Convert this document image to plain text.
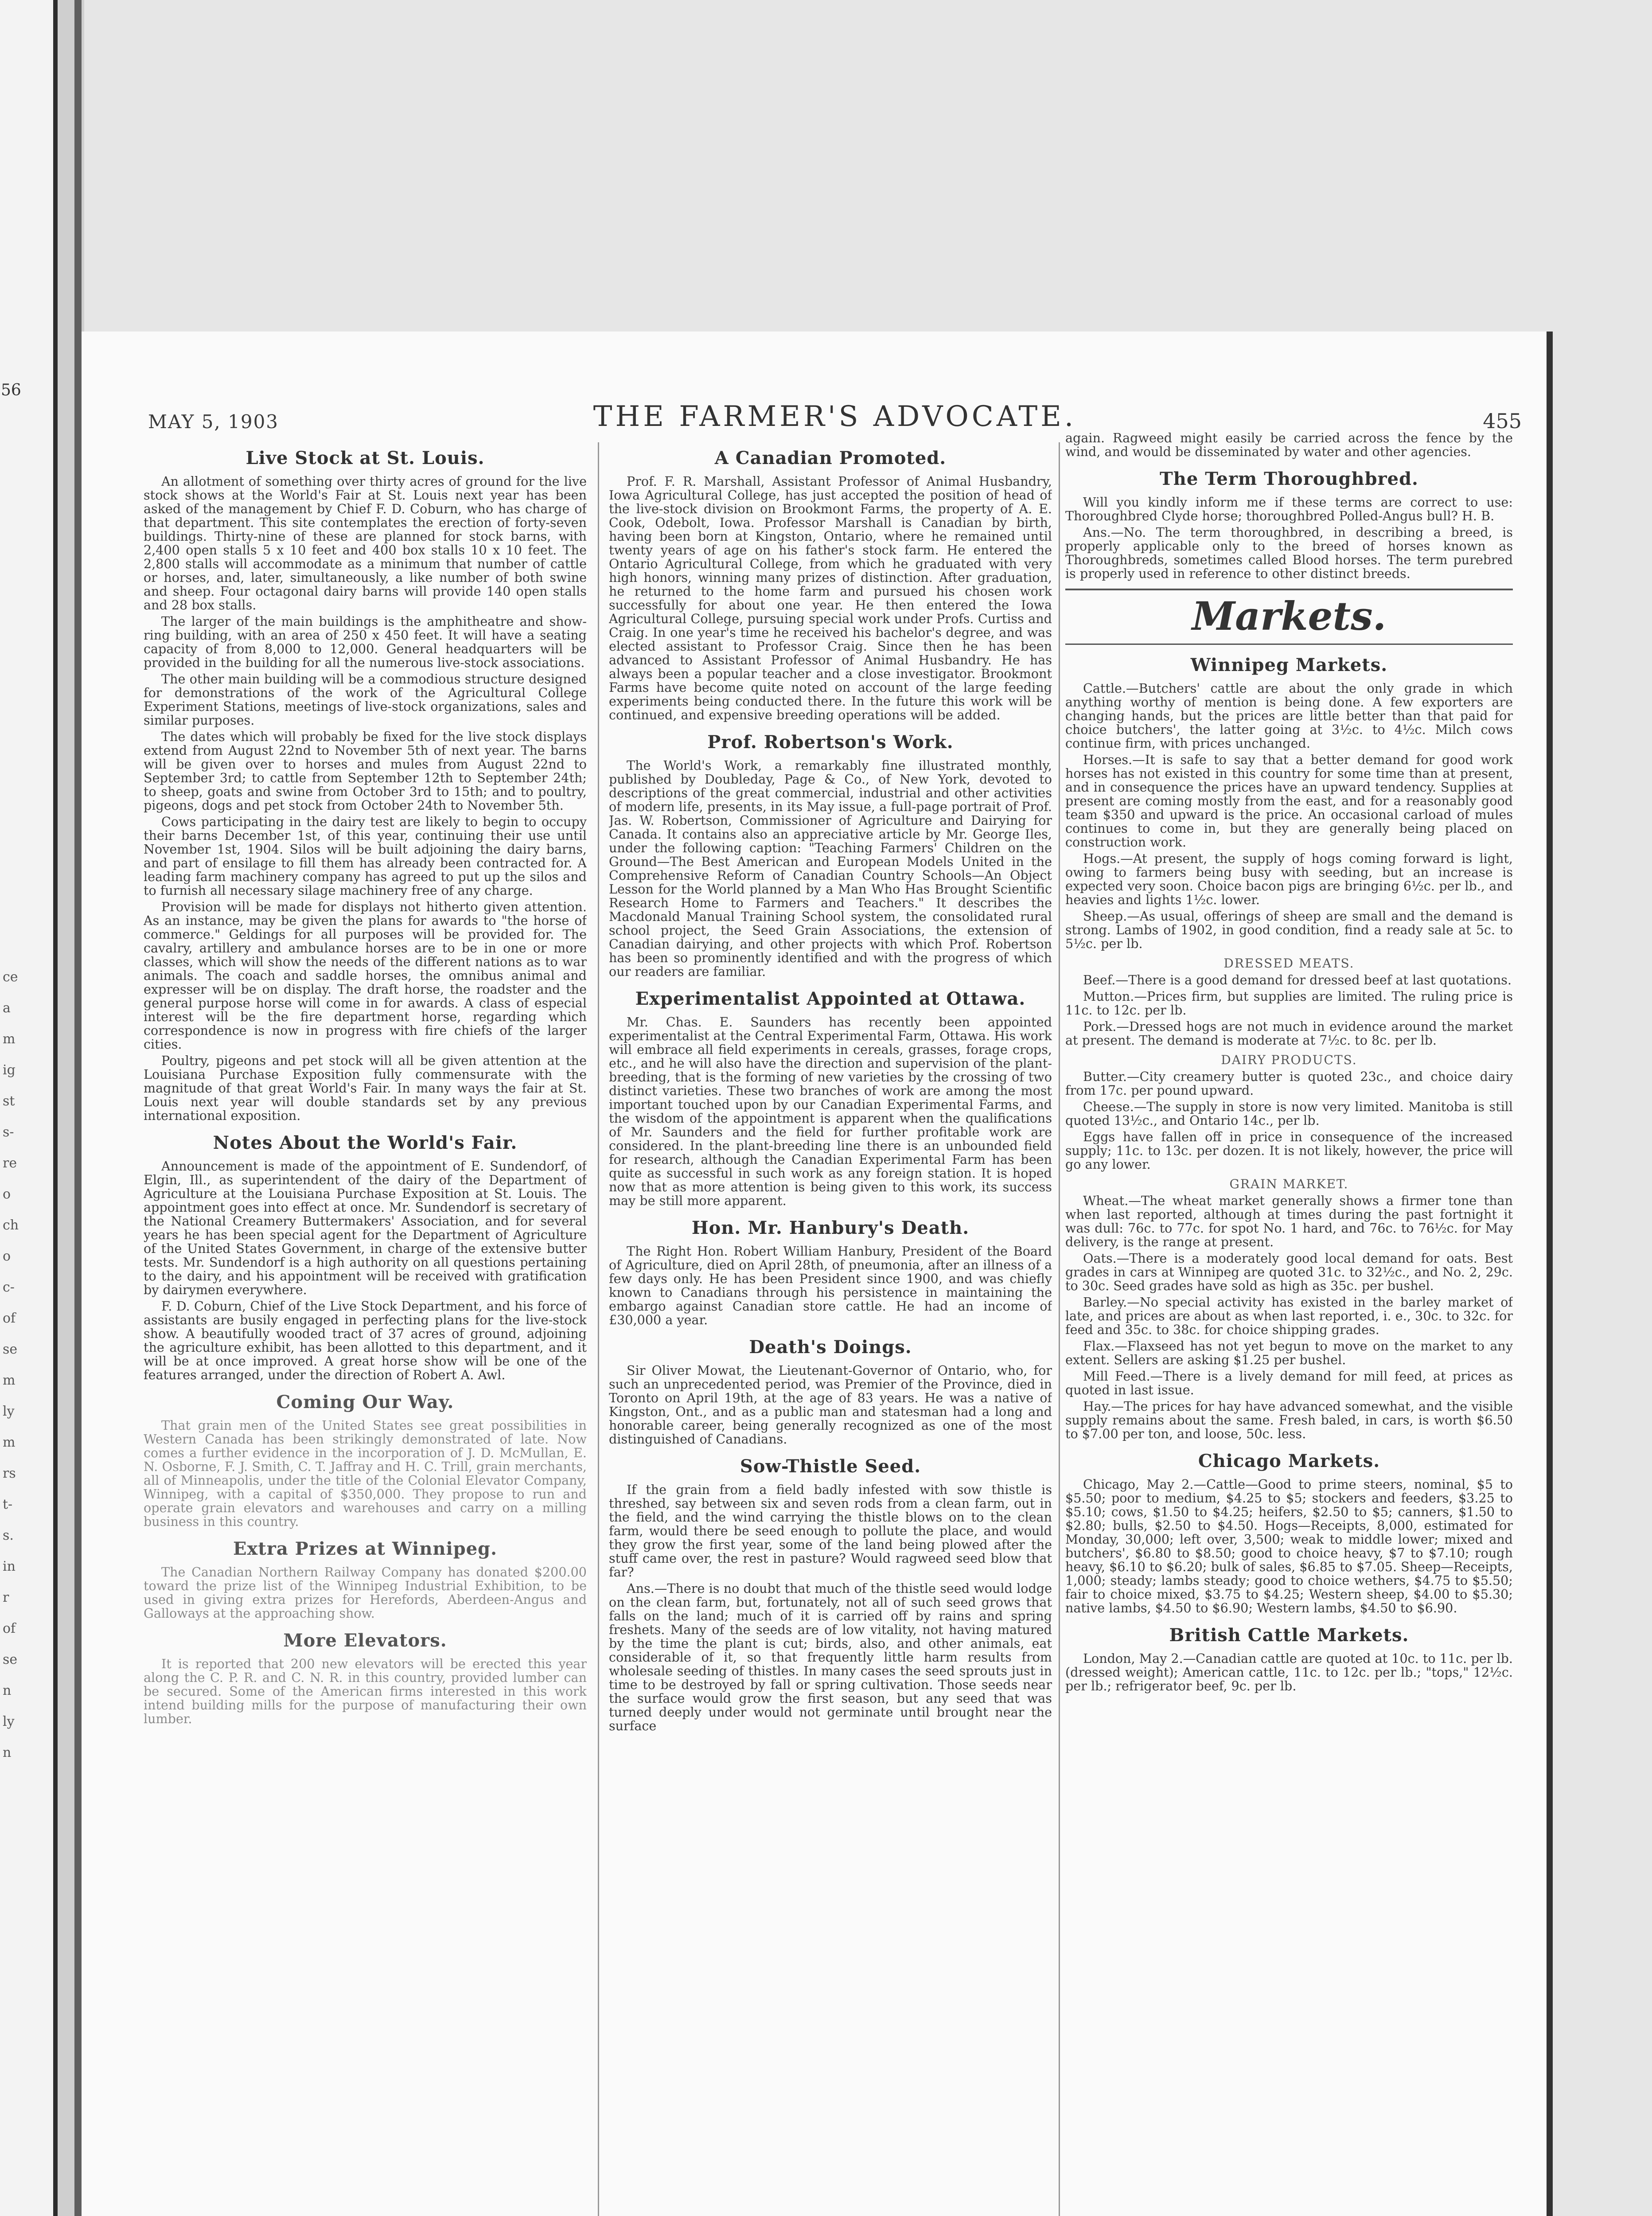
56
ce
a
m
ig
st
s-
re
o
ch
o
c-
of
se
m
ly
m
rs
t-
s.
in
r
of
se
n
ly
n
MAY 5, 1903	THE FARMER'S ADVOCATE.	455
Live Stock at St. Louis.

An allotment of something over thirty acres of ground for the live stock shows at the World's Fair at St. Louis next year has been asked of the management by Chief F. D. Coburn, who has charge of that department. This site contemplates the erection of forty-seven buildings. Thirty-nine of these are planned for stock barns, with 2,400 open stalls 5 x 10 feet and 400 box stalls 10 x 10 feet. The 2,800 stalls will accommodate as a minimum that number of cattle or horses, and, later, simultaneously, a like number of both swine and sheep. Four octagonal dairy barns will provide 140 open stalls and 28 box stalls.

The larger of the main buildings is the amphitheatre and show-ring building, with an area of 250 x 450 feet. It will have a seating capacity of from 8,000 to 12,000. General headquarters will be provided in the building for all the numerous live-stock associations.

The other main building will be a commodious structure designed for demonstrations of the work of the Agricultural College Experiment Stations, meetings of live-stock organizations, sales and similar purposes.

The dates which will probably be fixed for the live stock displays extend from August 22nd to November 5th of next year. The barns will be given over to horses and mules from August 22nd to September 3rd; to cattle from September 12th to September 24th; to sheep, goats and swine from October 3rd to 15th; and to poultry, pigeons, dogs and pet stock from October 24th to November 5th.

Cows participating in the dairy test are likely to begin to occupy their barns December 1st, of this year, continuing their use until November 1st, 1904. Silos will be built adjoining the dairy barns, and part of ensilage to fill them has already been contracted for. A leading farm machinery company has agreed to put up the silos and to furnish all necessary silage machinery free of any charge.

Provision will be made for displays not hitherto given attention. As an instance, may be given the plans for awards to "the horse of commerce." Geldings for all purposes will be provided for. The cavalry, artillery and ambulance horses are to be in one or more classes, which will show the needs of the different nations as to war animals. The coach and saddle horses, the omnibus animal and expresser will be on display. The draft horse, the roadster and the general purpose horse will come in for awards. A class of especial interest will be the fire department horse, regarding which correspondence is now in progress with fire chiefs of the larger cities.

Poultry, pigeons and pet stock will all be given attention at the Louisiana Purchase Exposition fully commensurate with the magnitude of that great World's Fair. In many ways the fair at St. Louis next year will double standards set by any previous international exposition.

Notes About the World's Fair.

Announcement is made of the appointment of E. Sundendorf, of Elgin, Ill., as superintendent of the dairy of the Department of Agriculture at the Louisiana Purchase Exposition at St. Louis. The appointment goes into effect at once. Mr. Sundendorf is secretary of the National Creamery Buttermakers' Association, and for several years he has been special agent for the Department of Agriculture of the United States Government, in charge of the extensive butter tests. Mr. Sundendorf is a high authority on all questions pertaining to the dairy, and his appointment will be received with gratification by dairymen everywhere.

F. D. Coburn, Chief of the Live Stock Department, and his force of assistants are busily engaged in perfecting plans for the live-stock show. A beautifully wooded tract of 37 acres of ground, adjoining the agriculture exhibit, has been allotted to this department, and it will be at once improved. A great horse show will be one of the features arranged, under the direction of Robert A. Awl.

Coming Our Way.

That grain men of the United States see great possibilities in Western Canada has been strikingly demonstrated of late. Now comes a further evidence in the incorporation of J. D. McMullan, E. N. Osborne, F. J. Smith, C. T. Jaffray and H. C. Trill, grain merchants, all of Minneapolis, under the title of the Colonial Elevator Company, Winnipeg, with a capital of $350,000. They propose to run and operate grain elevators and warehouses and carry on a milling business in this country.

Extra Prizes at Winnipeg.

The Canadian Northern Railway Company has donated $200.00 toward the prize list of the Winnipeg Industrial Exhibition, to be used in giving extra prizes for Herefords, Aberdeen-Angus and Galloways at the approaching show.

More Elevators.

It is reported that 200 new elevators will be erected this year along the C. P. R. and C. N. R. in this country, provided lumber can be secured. Some of the American firms interested in this work intend building mills for the purpose of manufacturing their own lumber.

A Canadian Promoted.

Prof. F. R. Marshall, Assistant Professor of Animal Husbandry, Iowa Agricultural College, has just accepted the position of head of the live-stock division on Brookmont Farms, the property of A. E. Cook, Odebolt, Iowa. Professor Marshall is Canadian by birth, having been born at Kingston, Ontario, where he remained until twenty years of age on his father's stock farm. He entered the Ontario Agricultural College, from which he graduated with very high honors, winning many prizes of distinction. After graduation, he returned to the home farm and pursued his chosen work successfully for about one year. He then entered the Iowa Agricultural College, pursuing special work under Profs. Curtiss and Craig. In one year's time he received his bachelor's degree, and was elected assistant to Professor Craig. Since then he has been advanced to Assistant Professor of Animal Husbandry. He has always been a popular teacher and a close investigator. Brookmont Farms have become quite noted on account of the large feeding experiments being conducted there. In the future this work will be continued, and expensive breeding operations will be added.

Prof. Robertson's Work.

The World's Work, a remarkably fine illustrated monthly, published by Doubleday, Page & Co., of New York, devoted to descriptions of the great commercial, industrial and other activities of modern life, presents, in its May issue, a full-page portrait of Prof. Jas. W. Robertson, Commissioner of Agriculture and Dairying for Canada. It contains also an appreciative article by Mr. George Iles, under the following caption: "Teaching Farmers' Children on the Ground—The Best American and European Models United in the Comprehensive Reform of Canadian Country Schools—An Object Lesson for the World planned by a Man Who Has Brought Scientific Research Home to Farmers and Teachers." It describes the Macdonald Manual Training School system, the consolidated rural school project, the Seed Grain Associations, the extension of Canadian dairying, and other projects with which Prof. Robertson has been so prominently identified and with the progress of which our readers are familiar.

Experimentalist Appointed at Ottawa.

Mr. Chas. E. Saunders has recently been appointed experimentalist at the Central Experimental Farm, Ottawa. His work will embrace all field experiments in cereals, grasses, forage crops, etc., and he will also have the direction and supervision of the plant-breeding, that is the forming of new varieties by the crossing of two distinct varieties. These two branches of work are among the most important touched upon by our Canadian Experimental Farms, and the wisdom of the appointment is apparent when the qualifications of Mr. Saunders and the field for further profitable work are considered. In the plant-breeding line there is an unbounded field for research, although the Canadian Experimental Farm has been quite as successful in such work as any foreign station. It is hoped now that as more attention is being given to this work, its success may be still more apparent.

Hon. Mr. Hanbury's Death.

The Right Hon. Robert William Hanbury, President of the Board of Agriculture, died on April 28th, of pneumonia, after an illness of a few days only. He has been President since 1900, and was chiefly known to Canadians through his persistence in maintaining the embargo against Canadian store cattle. He had an income of £30,000 a year.

Death's Doings.

Sir Oliver Mowat, the Lieutenant-Governor of Ontario, who, for such an unprecedented period, was Premier of the Province, died in Toronto on April 19th, at the age of 83 years. He was a native of Kingston, Ont., and as a public man and statesman had a long and honorable career, being generally recognized as one of the most distinguished of Canadians.

Sow-Thistle Seed.

If the grain from a field badly infested with sow thistle is threshed, say between six and seven rods from a clean farm, out in the field, and the wind carrying the thistle blows on to the clean farm, would there be seed enough to pollute the place, and would they grow the first year, some of the land being plowed after the stuff came over, the rest in pasture? Would ragweed seed blow that far?

Ans.—There is no doubt that much of the thistle seed would lodge on the clean farm, but, fortunately, not all of such seed grows that falls on the land; much of it is carried off by rains and spring freshets. Many of the seeds are of low vitality, not having matured by the time the plant is cut; birds, also, and other animals, eat considerable of it, so that frequently little harm results from wholesale seeding of thistles. In many cases the seed sprouts just in time to be destroyed by fall or spring cultivation. Those seeds near the surface would grow the first season, but any seed that was turned deeply under would not germinate until brought near the surface

again. Ragweed might easily be carried across the fence by the wind, and would be disseminated by water and other agencies.

The Term Thoroughbred.

Will you kindly inform me if these terms are correct to use: Thoroughbred Clyde horse; thoroughbred Polled-Angus bull? H. B.

Ans.—No. The term thoroughbred, in describing a breed, is properly applicable only to the breed of horses known as Thoroughbreds, sometimes called Blood horses. The term purebred is properly used in reference to other distinct breeds.

Markets.
Winnipeg Markets.

Cattle.—Butchers' cattle are about the only grade in which anything worthy of mention is being done. A few exporters are changing hands, but the prices are little better than that paid for choice butchers', the latter going at 3½c. to 4½c. Milch cows continue firm, with prices unchanged.

Horses.—It is safe to say that a better demand for good work horses has not existed in this country for some time than at present, and in consequence the prices have an upward tendency. Supplies at present are coming mostly from the east, and for a reasonably good team $350 and upward is the price. An occasional carload of mules continues to come in, but they are generally being placed on construction work.

Hogs.—At present, the supply of hogs coming forward is light, owing to farmers being busy with seeding, but an increase is expected very soon. Choice bacon pigs are bringing 6½c. per lb., and heavies and lights 1½c. lower.

Sheep.—As usual, offerings of sheep are small and the demand is strong. Lambs of 1902, in good condition, find a ready sale at 5c. to 5½c. per lb.

DRESSED MEATS.

Beef.—There is a good demand for dressed beef at last quotations.

Mutton.—Prices firm, but supplies are limited. The ruling price is 11c. to 12c. per lb.

Pork.—Dressed hogs are not much in evidence around the market at present. The demand is moderate at 7½c. to 8c. per lb.

DAIRY PRODUCTS.

Butter.—City creamery butter is quoted 23c., and choice dairy from 17c. per pound upward.

Cheese.—The supply in store is now very limited. Manitoba is still quoted 13½c., and Ontario 14c., per lb.

Eggs have fallen off in price in consequence of the increased supply; 11c. to 13c. per dozen. It is not likely, however, the price will go any lower.

GRAIN MARKET.

Wheat.—The wheat market generally shows a firmer tone than when last reported, although at times during the past fortnight it was dull: 76c. to 77c. for spot No. 1 hard, and 76c. to 76½c. for May delivery, is the range at present.

Oats.—There is a moderately good local demand for oats. Best grades in cars at Winnipeg are quoted 31c. to 32½c., and No. 2, 29c. to 30c. Seed grades have sold as high as 35c. per bushel.

Barley.—No special activity has existed in the barley market of late, and prices are about as when last reported, i. e., 30c. to 32c. for feed and 35c. to 38c. for choice shipping grades.

Flax.—Flaxseed has not yet begun to move on the market to any extent. Sellers are asking $1.25 per bushel.

Mill Feed.—There is a lively demand for mill feed, at prices as quoted in last issue.

Hay.—The prices for hay have advanced somewhat, and the visible supply remains about the same. Fresh baled, in cars, is worth $6.50 to $7.00 per ton, and loose, 50c. less.

Chicago Markets.

Chicago, May 2.—Cattle—Good to prime steers, nominal, $5 to $5.50; poor to medium, $4.25 to $5; stockers and feeders, $3.25 to $5.10; cows, $1.50 to $4.25; heifers, $2.50 to $5; canners, $1.50 to $2.80; bulls, $2.50 to $4.50. Hogs—Receipts, 8,000, estimated for Monday, 30,000; left over, 3,500; weak to middle lower; mixed and butchers', $6.80 to $8.50; good to choice heavy, $7 to $7.10; rough heavy, $6.10 to $6.20; bulk of sales, $6.85 to $7.05. Sheep—Receipts, 1,000; steady; lambs steady; good to choice wethers, $4.75 to $5.50; fair to choice mixed, $3.75 to $4.25; Western sheep, $4.00 to $5.30; native lambs, $4.50 to $6.90; Western lambs, $4.50 to $6.90.

British Cattle Markets.

London, May 2.—Canadian cattle are quoted at 10c. to 11c. per lb. (dressed weight); American cattle, 11c. to 12c. per lb.; "tops," 12½c. per lb.; refrigerator beef, 9c. per lb.
